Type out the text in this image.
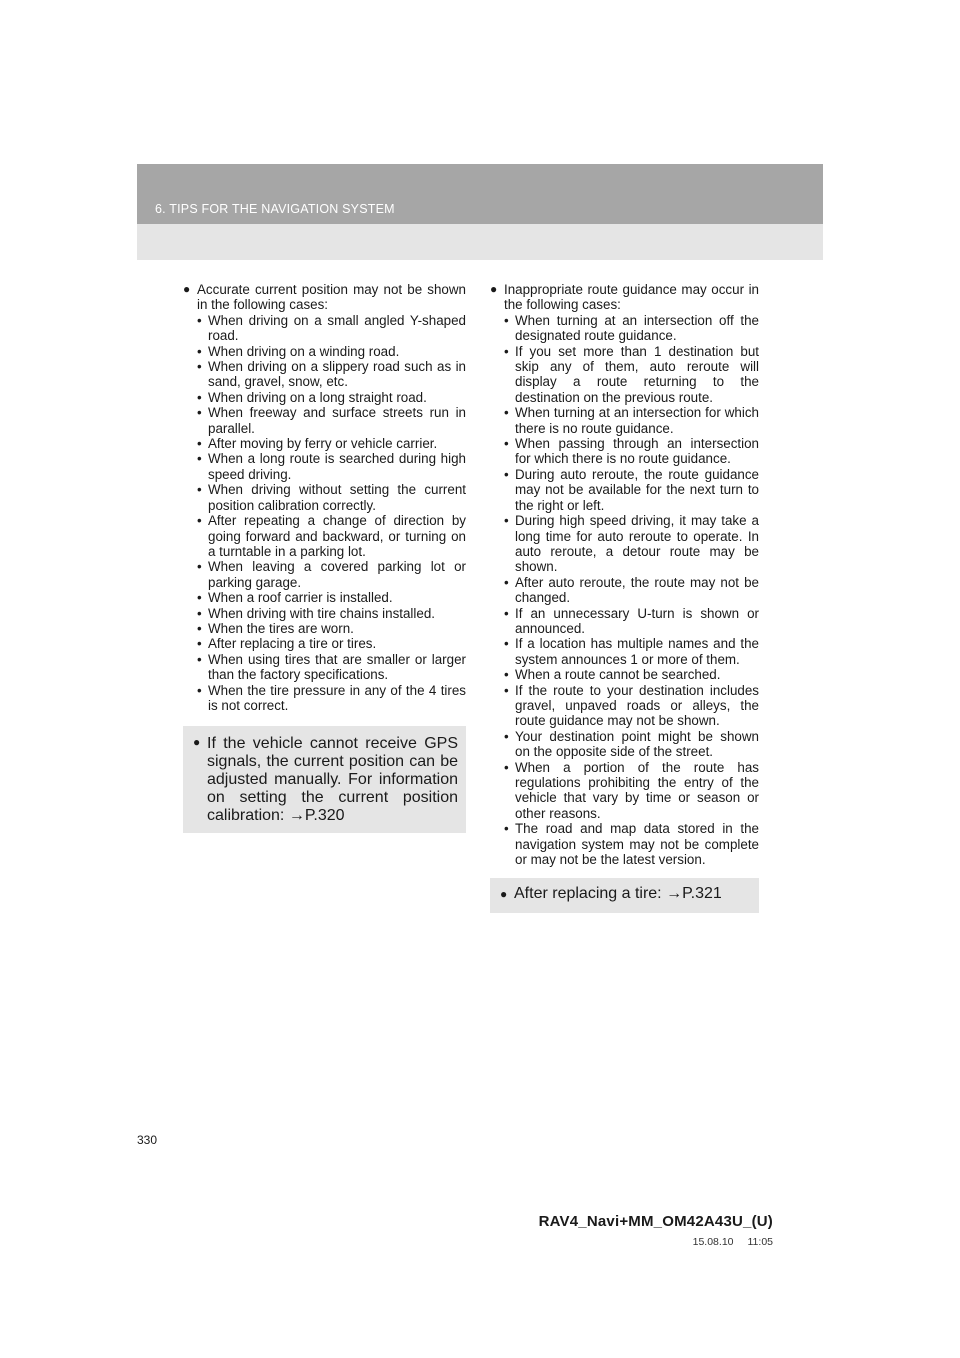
6. TIPS FOR THE NAVIGATION SYSTEM
● Accurate current position may not be shown in the following cases:
• When driving on a small angled Y-shaped road.
• When driving on a winding road.
• When driving on a slippery road such as in sand, gravel, snow, etc.
• When driving on a long straight road.
• When freeway and surface streets run in parallel.
• After moving by ferry or vehicle carrier.
• When a long route is searched during high speed driving.
• When driving without setting the current position calibration correctly.
• After repeating a change of direction by going forward and backward, or turning on a turntable in a parking lot.
• When leaving a covered parking lot or parking garage.
• When a roof carrier is installed.
• When driving with tire chains installed.
• When the tires are worn.
• After replacing a tire or tires.
• When using tires that are smaller or larger than the factory specifications.
• When the tire pressure in any of the 4 tires is not correct.
● If the vehicle cannot receive GPS signals, the current position can be adjusted manually. For information on setting the current position calibration: →P.320
● Inappropriate route guidance may occur in the following cases:
• When turning at an intersection off the designated route guidance.
• If you set more than 1 destination but skip any of them, auto reroute will display a route returning to the destination on the previous route.
• When turning at an intersection for which there is no route guidance.
• When passing through an intersection for which there is no route guidance.
• During auto reroute, the route guidance may not be available for the next turn to the right or left.
• During high speed driving, it may take a long time for auto reroute to operate. In auto reroute, a detour route may be shown.
• After auto reroute, the route may not be changed.
• If an unnecessary U-turn is shown or announced.
• If a location has multiple names and the system announces 1 or more of them.
• When a route cannot be searched.
• If the route to your destination includes gravel, unpaved roads or alleys, the route guidance may not be shown.
• Your destination point might be shown on the opposite side of the street.
• When a portion of the route has regulations prohibiting the entry of the vehicle that vary by time or season or other reasons.
• The road and map data stored in the navigation system may not be complete or may not be the latest version.
● After replacing a tire: →P.321
330
RAV4_Navi+MM_OM42A43U_(U)
15.08.10 11:05
